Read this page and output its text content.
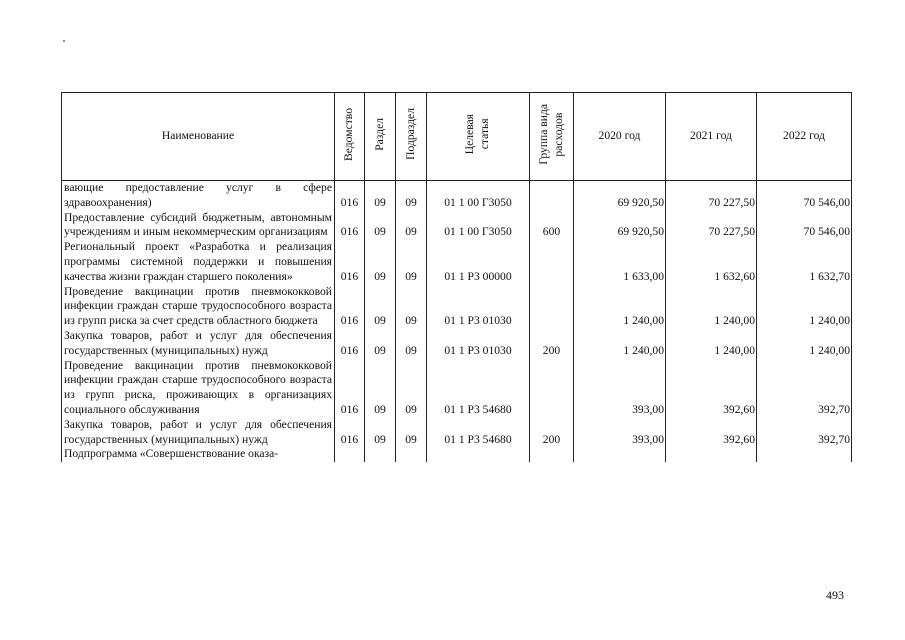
Наименование	Ведомство	Раздел	Подраздел	Целевая статья	Группа вида расходов	2020 год	2021 год	2022 год
вающие предоставление услуг в сфере здравоохранения)	016	09	09	01 1 00 Г3050		69 920,50	70 227,50	70 546,00
Предоставление субсидий бюджетным, автономным учреждениям и иным некоммерческим организациям	016	09	09	01 1 00 Г3050	600	69 920,50	70 227,50	70 546,00
Региональный проект «Разработка и реализация программы системной поддержки и повышения качества жизни граждан старшего поколения»	016	09	09	01 1 P3 00000		1 633,00	1 632,60	1 632,70
Проведение вакцинации против пневмококковой инфекции граждан старше трудоспособного возраста из групп риска за счет средств областного бюджета	016	09	09	01 1 P3 01030		1 240,00	1 240,00	1 240,00
Закупка товаров, работ и услуг для обеспечения государственных (муниципальных) нужд	016	09	09	01 1 P3 01030	200	1 240,00	1 240,00	1 240,00
Проведение вакцинации против пневмококковой инфекции граждан старше трудоспособного возраста из групп риска, проживающих в организациях социального обслуживания	016	09	09	01 1 P3 54680		393,00	392,60	392,70
Закупка товаров, работ и услуг для обеспечения государственных (муниципальных) нужд	016	09	09	01 1 P3 54680	200	393,00	392,60	392,70
Подпрограмма «Совершенствование оказа-								
493
